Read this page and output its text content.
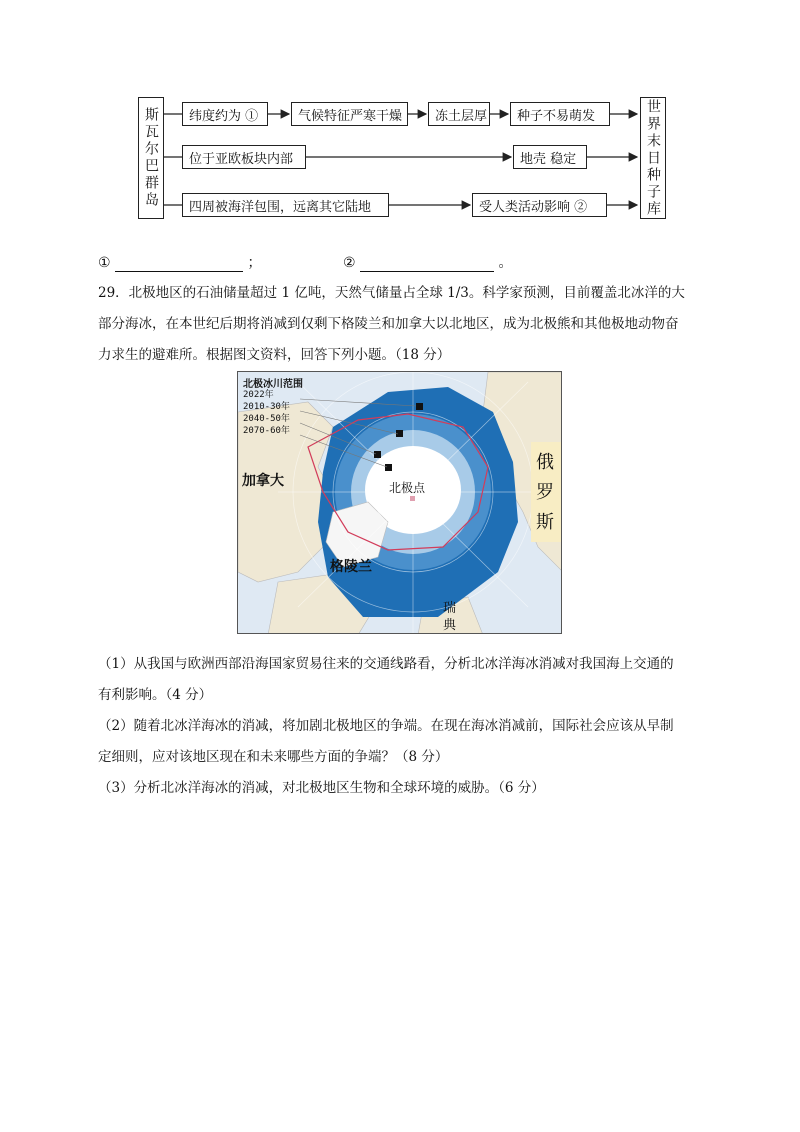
斯瓦尔巴群岛	世界末日种子库
纬度约为 ①	气候特征严寒干燥	冻土层厚 种子不易萌发
位于亚欧板块内部	地壳 稳定
四周被海洋包围，远离其它陆地	受人类活动影响 ②
①	；	②	。
29．北极地区的石油储量超过 1 亿吨，天然气储量占全球 1/3。科学家预测，目前覆盖北冰洋的大
部分海冰，在本世纪后期将消减到仅剩下格陵兰和加拿大以北地区，成为北极熊和其他极地动物奋
力求生的避难所。根据图文资料，回答下列小题。（18 分）
北极冰川范围
2022年
2010-30年
2040-50年
2070-60年
加拿大	北极点
格陵兰
俄罗斯
瑞典
（1）从我国与欧洲西部沿海国家贸易往来的交通线路看，分析北冰洋海冰消减对我国海上交通的
有利影响。（4 分）
（2）随着北冰洋海冰的消减，将加剧北极地区的争端。在现在海冰消减前，国际社会应该从早制
定细则，应对该地区现在和未来哪些方面的争端？（8 分）
（3）分析北冰洋海冰的消减，对北极地区生物和全球环境的威胁。（6 分）
